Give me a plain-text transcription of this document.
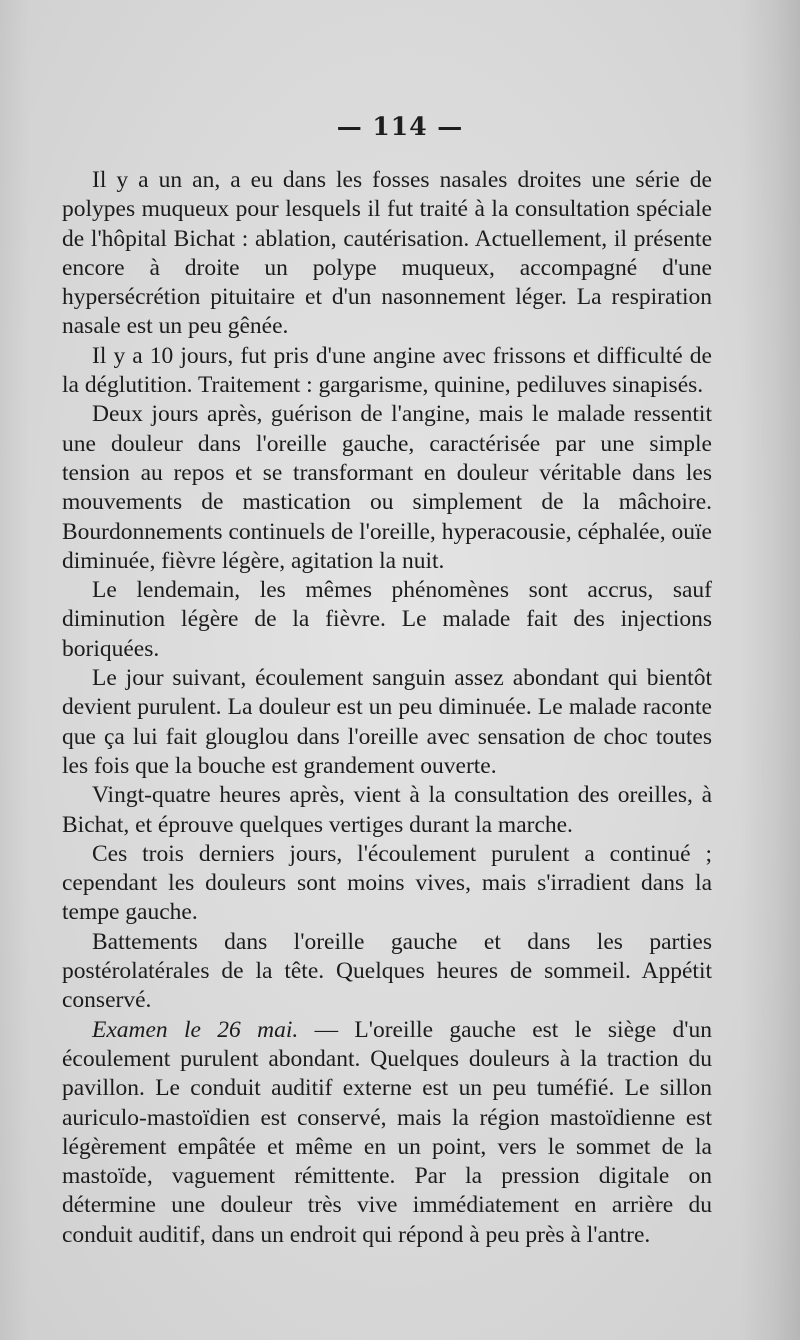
— 114 —

Il y a un an, a eu dans les fosses nasales droites une série de polypes muqueux pour lesquels il fut traité à la consultation spéciale de l'hôpital Bichat : ablation, cautérisation. Actuellement, il présente encore à droite un polype muqueux, accompagné d'une hypersécrétion pituitaire et d'un nasonnement léger. La respiration nasale est un peu gênée.

Il y a 10 jours, fut pris d'une angine avec frissons et difficulté de la déglutition. Traitement : gargarisme, quinine, pediluves sinapisés.

Deux jours après, guérison de l'angine, mais le malade ressentit une douleur dans l'oreille gauche, caractérisée par une simple tension au repos et se transformant en douleur véritable dans les mouvements de mastication ou simplement de la mâchoire. Bourdonnements continuels de l'oreille, hyperacousie, céphalée, ouïe diminuée, fièvre légère, agitation la nuit.

Le lendemain, les mêmes phénomènes sont accrus, sauf diminution légère de la fièvre. Le malade fait des injections boriquées.

Le jour suivant, écoulement sanguin assez abondant qui bientôt devient purulent. La douleur est un peu diminuée. Le malade raconte que ça lui fait glouglou dans l'oreille avec sensation de choc toutes les fois que la bouche est grandement ouverte.

Vingt-quatre heures après, vient à la consultation des oreilles, à Bichat, et éprouve quelques vertiges durant la marche.

Ces trois derniers jours, l'écoulement purulent a continué ; cependant les douleurs sont moins vives, mais s'irradient dans la tempe gauche.

Battements dans l'oreille gauche et dans les parties postérolatérales de la tête. Quelques heures de sommeil. Appétit conservé.

Examen le 26 mai. — L'oreille gauche est le siège d'un écoulement purulent abondant. Quelques douleurs à la traction du pavillon. Le conduit auditif externe est un peu tuméfié. Le sillon auriculo-mastoïdien est conservé, mais la région mastoïdienne est légèrement empâtée et même en un point, vers le sommet de la mastoïde, vaguement rémittente. Par la pression digitale on détermine une douleur très vive immédiatement en arrière du conduit auditif, dans un endroit qui répond à peu près à l'antre.
